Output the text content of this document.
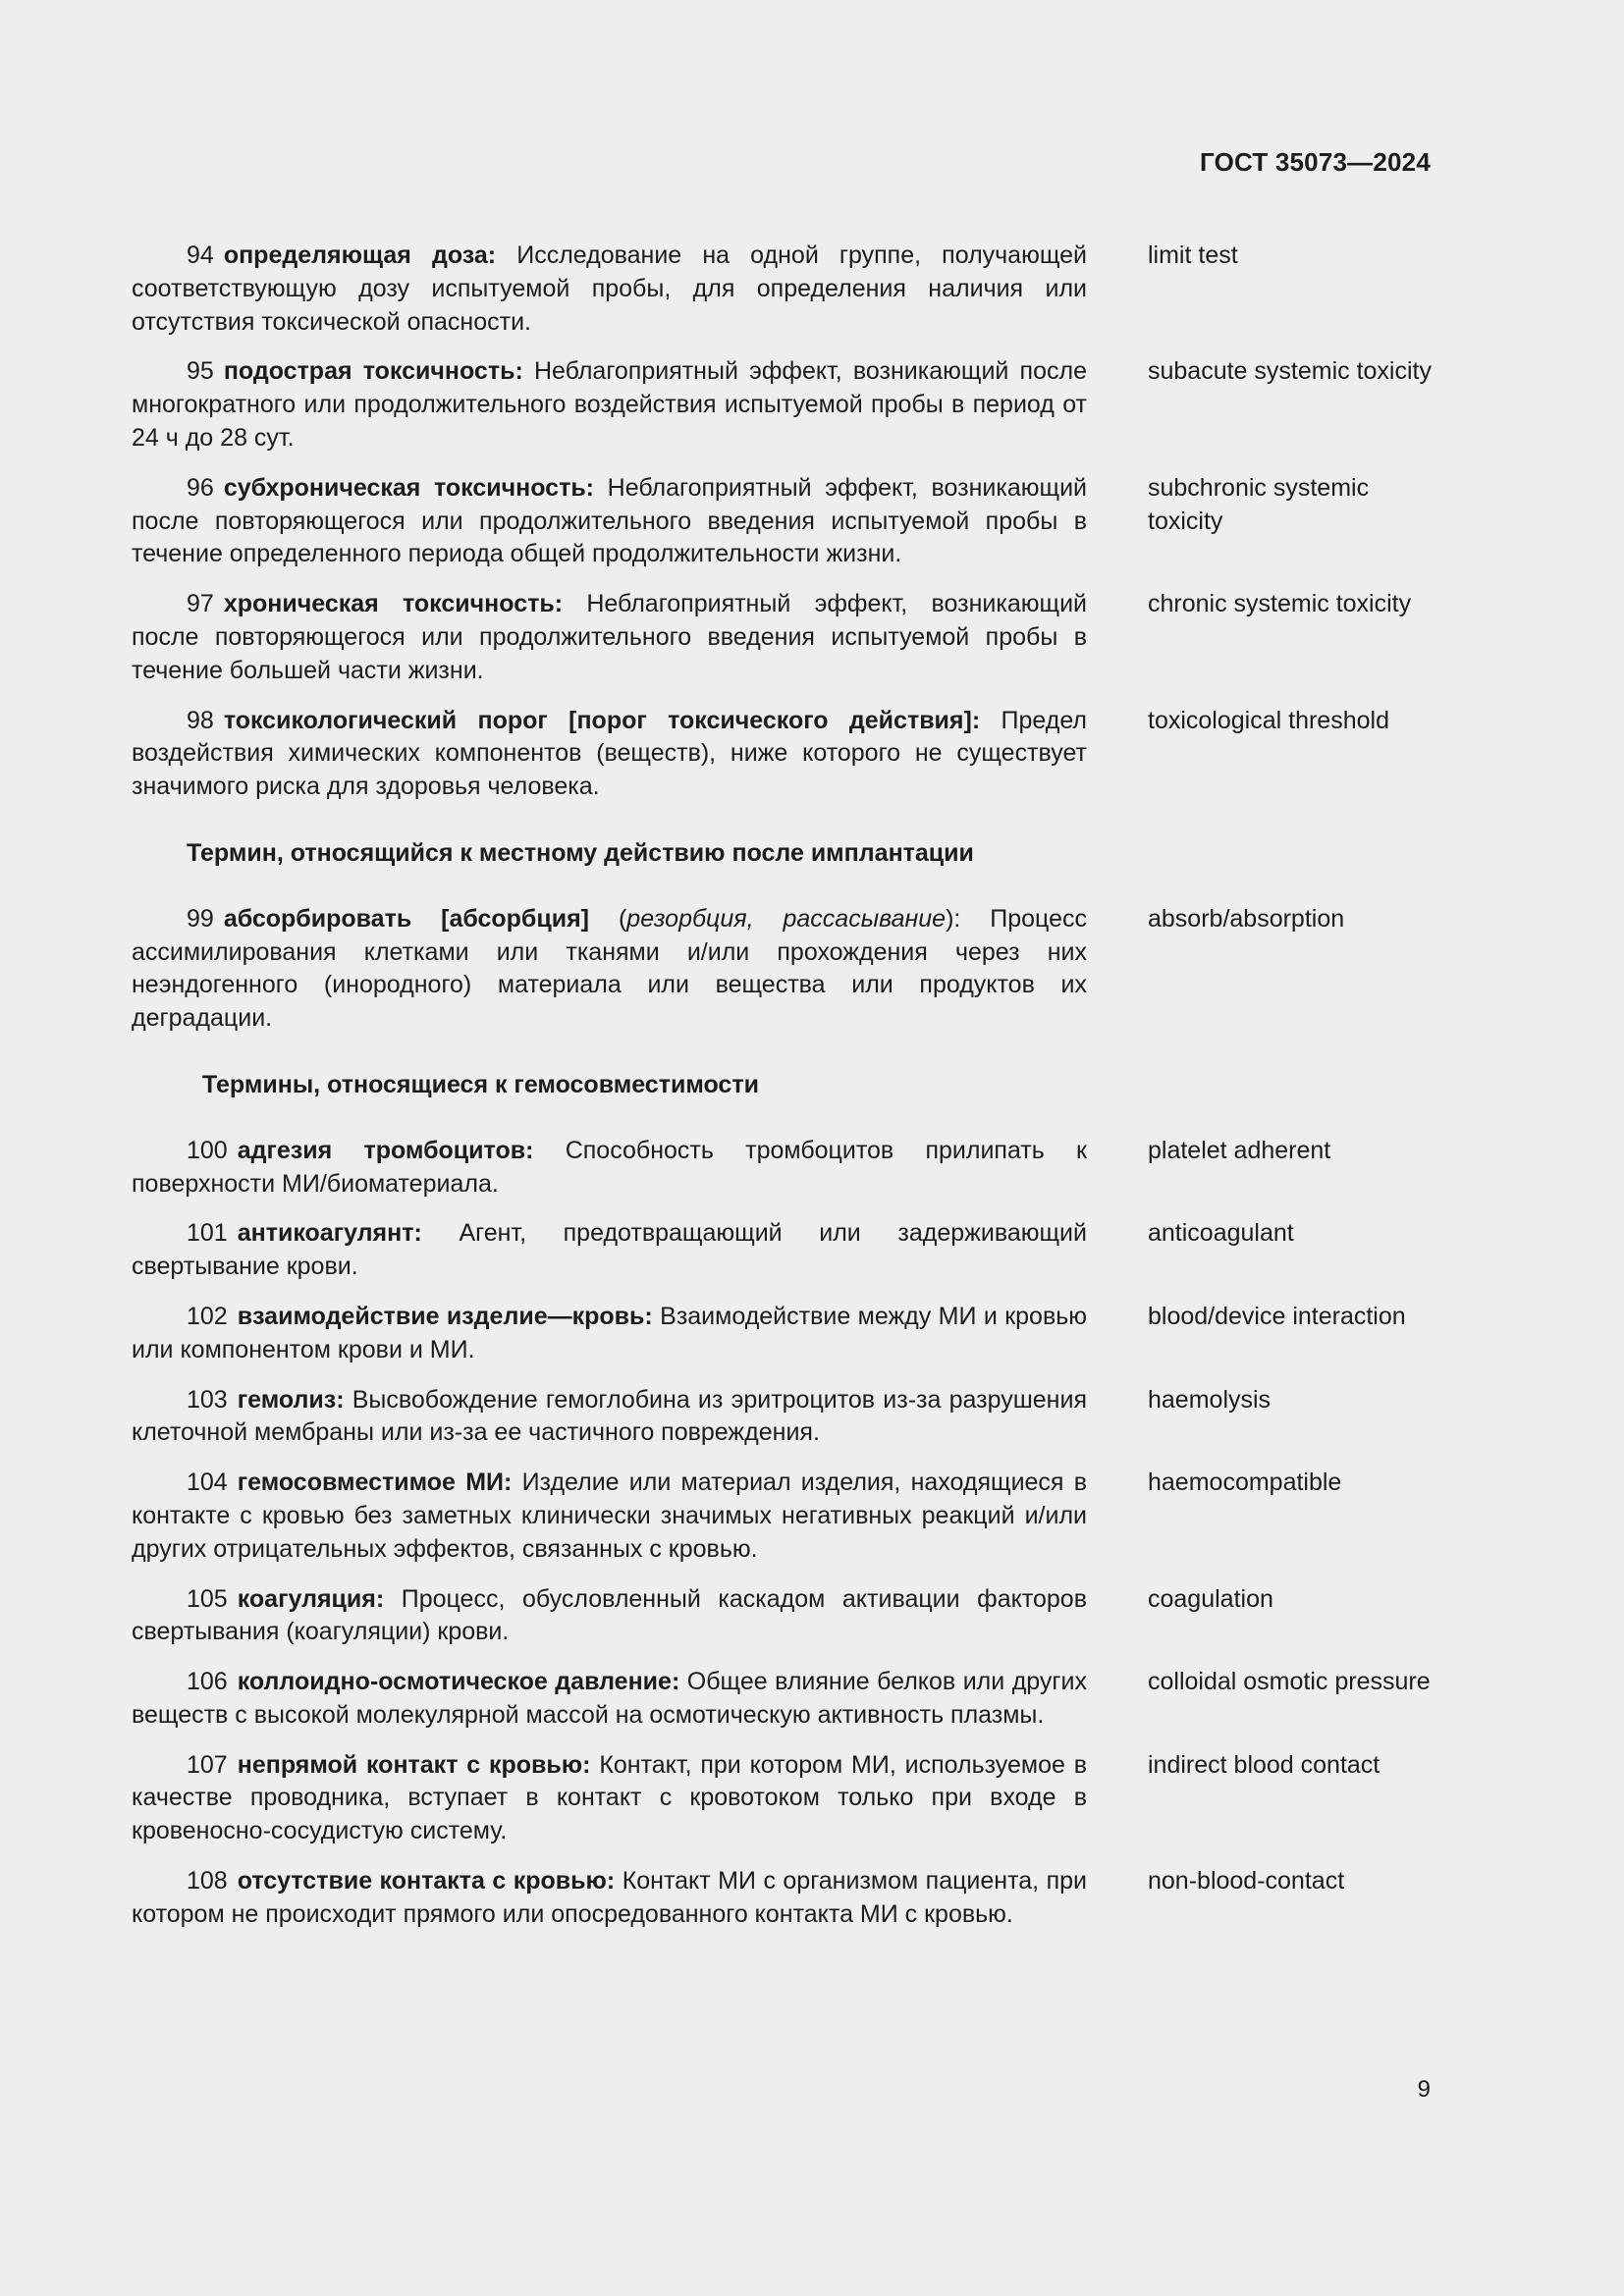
ГОСТ 35073—2024
94 определяющая доза: Исследование на одной группе, получающей соответствующую дозу испытуемой пробы, для определения наличия или отсутствия токсической опасности.
limit test
95 подострая токсичность: Неблагоприятный эффект, возникающий после многократного или продолжительного воздействия испытуемой пробы в период от 24 ч до 28 сут.
subacute systemic toxicity
96 субхроническая токсичность: Неблагоприятный эффект, возникающий после повторяющегося или продолжительного введения испытуемой пробы в течение определенного периода общей продолжительности жизни.
subchronic systemic toxicity
97 хроническая токсичность: Неблагоприятный эффект, возникающий после повторяющегося или продолжительного введения испытуемой пробы в течение большей части жизни.
chronic systemic toxicity
98 токсикологический порог [порог токсического действия]: Предел воздействия химических компонентов (веществ), ниже которого не существует значимого риска для здоровья человека.
toxicological threshold
Термин, относящийся к местному действию после имплантации
99 абсорбировать [абсорбция] (резорбция, рассасывание): Процесс ассимилирования клетками или тканями и/или прохождения через них неэндогенного (инородного) материала или вещества или продуктов их деградации.
absorb/absorption
Термины, относящиеся к гемосовместимости
100 адгезия тромбоцитов: Способность тромбоцитов прилипать к поверхности МИ/биоматериала.
platelet adherent
101 антикоагулянт: Агент, предотвращающий или задерживающий свертывание крови.
anticoagulant
102 взаимодействие изделие—кровь: Взаимодействие между МИ и кровью или компонентом крови и МИ.
blood/device interaction
103 гемолиз: Высвобождение гемоглобина из эритроцитов из-за разрушения клеточной мембраны или из-за ее частичного повреждения.
haemolysis
104 гемосовместимое МИ: Изделие или материал изделия, находящиеся в контакте с кровью без заметных клинически значимых негативных реакций и/или других отрицательных эффектов, связанных с кровью.
haemocompatible
105 коагуляция: Процесс, обусловленный каскадом активации факторов свертывания (коагуляции) крови.
coagulation
106 коллоидно-осмотическое давление: Общее влияние белков или других веществ с высокой молекулярной массой на осмотическую активность плазмы.
colloidal osmotic pressure
107 непрямой контакт с кровью: Контакт, при котором МИ, используемое в качестве проводника, вступает в контакт с кровотоком только при входе в кровеносно-сосудистую систему.
indirect blood contact
108 отсутствие контакта с кровью: Контакт МИ с организмом пациента, при котором не происходит прямого или опосредованного контакта МИ с кровью.
non-blood-contact
9
